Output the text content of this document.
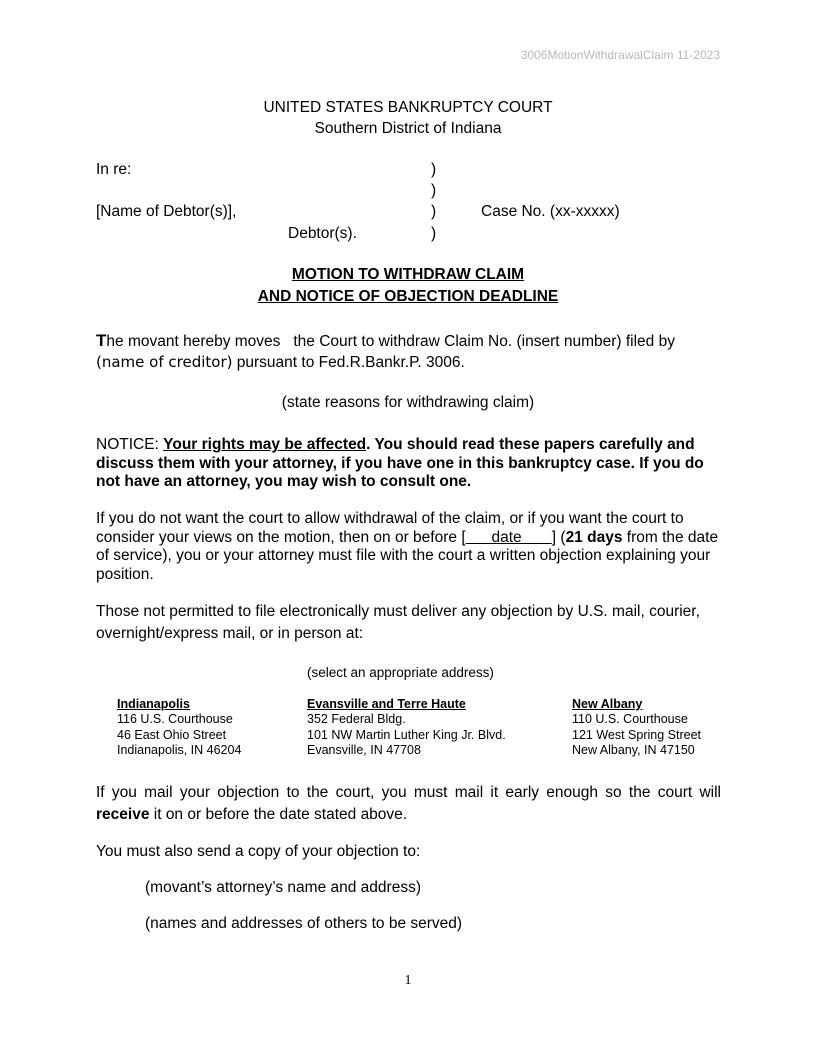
3006MotionWithdrawalClaim 11-2023
UNITED STATES BANKRUPTCY COURT
Southern District of Indiana
In re:
[Name of Debtor(s)],
Debtor(s).
)
)
)
)
Case No. (xx-xxxxx)
MOTION TO WITHDRAW CLAIM
AND NOTICE OF OBJECTION DEADLINE
The movant hereby moves the Court to withdraw Claim No. (insert number) filed by
(name of creditor) pursuant to Fed.R.Bankr.P. 3006.
(state reasons for withdrawing claim)
NOTICE: Your rights may be affected. You should read these papers carefully and discuss them with your attorney, if you have one in this bankruptcy case. If you do not have an attorney, you may wish to consult one.
If you do not want the court to allow withdrawal of the claim, or if you want the court to consider your views on the motion, then on or before [      date       ] (21 days from the date of service), you or your attorney must file with the court a written objection explaining your position.
Those not permitted to file electronically must deliver any objection by U.S. mail, courier, overnight/express mail, or in person at:
(select an appropriate address)
Indianapolis
116 U.S. Courthouse
46 East Ohio Street
Indianapolis, IN 46204
Evansville and Terre Haute
352 Federal Bldg.
101 NW Martin Luther King Jr. Blvd.
Evansville, IN 47708
New Albany
110 U.S. Courthouse
121 West Spring Street
New Albany, IN 47150
If you mail your objection to the court, you must mail it early enough so the court will receive it on or before the date stated above.
You must also send a copy of your objection to:
(movant’s attorney’s name and address)
(names and addresses of others to be served)
1
